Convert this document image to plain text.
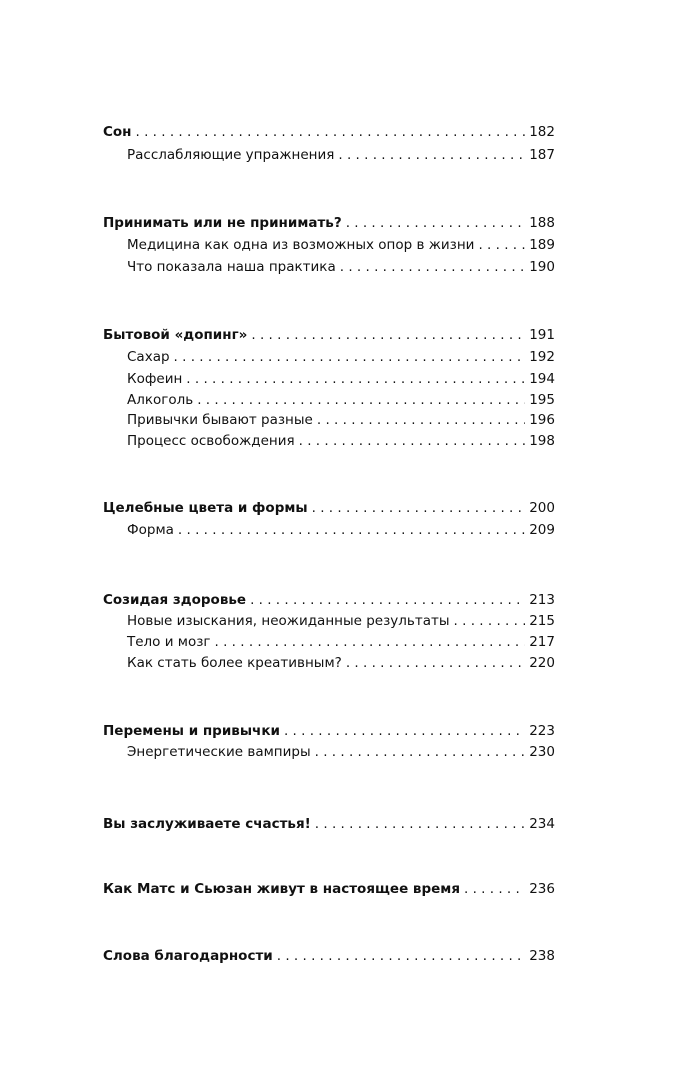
Сон . . .	182
Расслабляющие упражнения . . .	187
Принимать или не принимать? . . .	188
Медицина как одна из возможных опор в жизни . . .	189
Что показала наша практика . . .	190
Бытовой «допинг» . . .	191
Сахар . . .	192
Кофеин . . .	194
Алкоголь . . .	195
Привычки бывают разные . . .	196
Процесс освобождения . . .	198
Целебные цвета и формы . . .	200
Форма . . .	209
Созидая здоровье . . .	213
Новые изыскания, неожиданные результаты . . .	215
Тело и мозг . . .	217
Как стать более креативным? . . .	220
Перемены и привычки . . .	223
Энергетические вампиры . . .	230
Вы заслуживаете счастья! . . .	234
Как Матс и Сьюзан живут в настоящее время . . .	236
Слова благодарности . . .	238
